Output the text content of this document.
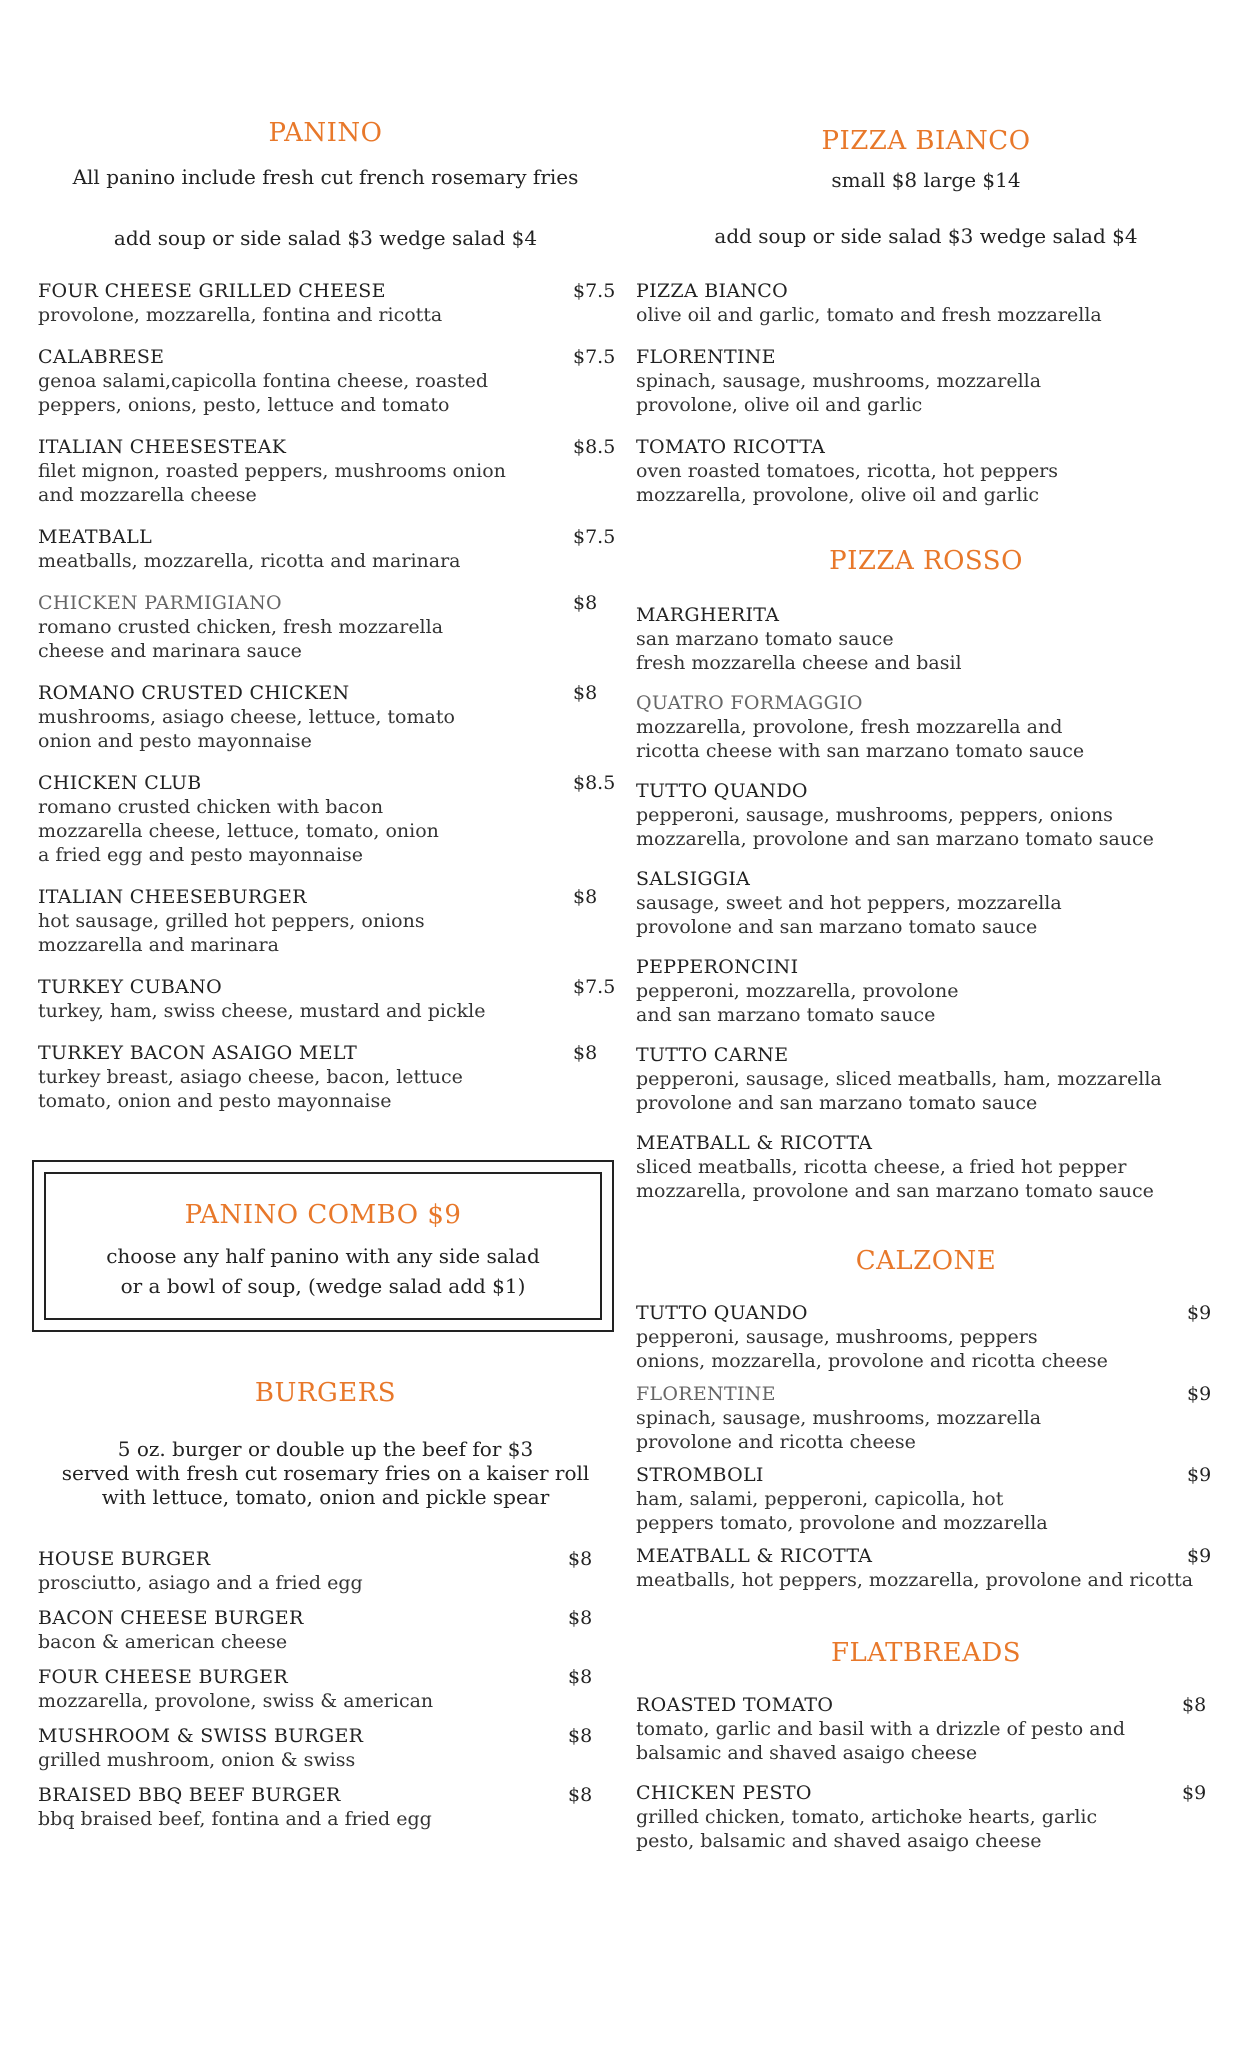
PANINO
All panino include fresh cut french rosemary fries
add soup or side salad $3 wedge salad $4
FOUR CHEESE GRILLED CHEESE	$7.5
provolone, mozzarella, fontina and ricotta
CALABRESE	$7.5
genoa salami,capicolla fontina cheese, roasted
peppers, onions, pesto, lettuce and tomato
ITALIAN CHEESESTEAK	$8.5
filet mignon, roasted peppers, mushrooms onion
and mozzarella cheese
MEATBALL	$7.5
meatballs, mozzarella, ricotta and marinara
CHICKEN PARMIGIANO	$8
romano crusted chicken, fresh mozzarella
cheese and marinara sauce
ROMANO CRUSTED CHICKEN	$8
mushrooms, asiago cheese, lettuce, tomato
onion and pesto mayonnaise
CHICKEN CLUB	$8.5
romano crusted chicken with bacon
mozzarella cheese, lettuce, tomato, onion
a fried egg and pesto mayonnaise
ITALIAN CHEESEBURGER	$8
hot sausage, grilled hot peppers, onions
mozzarella and marinara
TURKEY CUBANO	$7.5
turkey, ham, swiss cheese, mustard and pickle
TURKEY BACON ASAIGO MELT	$8
turkey breast, asiago cheese, bacon, lettuce
tomato, onion and pesto mayonnaise
PANINO COMBO $9
choose any half panino with any side salad
or a bowl of soup, (wedge salad add $1)
BURGERS
5 oz. burger or double up the beef for $3
served with fresh cut rosemary fries on a kaiser roll
with lettuce, tomato, onion and pickle spear
HOUSE BURGER	$8
prosciutto, asiago and a fried egg
BACON CHEESE BURGER	$8
bacon & american cheese
FOUR CHEESE BURGER	$8
mozzarella, provolone, swiss & american
MUSHROOM & SWISS BURGER	$8
grilled mushroom, onion & swiss
BRAISED BBQ BEEF BURGER	$8
bbq braised beef, fontina and a fried egg
PIZZA BIANCO
small $8 large $14
add soup or side salad $3 wedge salad $4
PIZZA BIANCO
olive oil and garlic, tomato and fresh mozzarella
FLORENTINE
spinach, sausage, mushrooms, mozzarella
provolone, olive oil and garlic
TOMATO RICOTTA
oven roasted tomatoes, ricotta, hot peppers
mozzarella, provolone, olive oil and garlic
PIZZA ROSSO
MARGHERITA
san marzano tomato sauce
fresh mozzarella cheese and basil
QUATRO FORMAGGIO
mozzarella, provolone, fresh mozzarella and
ricotta cheese with san marzano tomato sauce
TUTTO QUANDO
pepperoni, sausage, mushrooms, peppers, onions
mozzarella, provolone and san marzano tomato sauce
SALSIGGIA
sausage, sweet and hot peppers, mozzarella
provolone and san marzano tomato sauce
PEPPERONCINI
pepperoni, mozzarella, provolone
and san marzano tomato sauce
TUTTO CARNE
pepperoni, sausage, sliced meatballs, ham, mozzarella
provolone and san marzano tomato sauce
MEATBALL & RICOTTA
sliced meatballs, ricotta cheese, a fried hot pepper
mozzarella, provolone and san marzano tomato sauce
CALZONE
TUTTO QUANDO	$9
pepperoni, sausage, mushrooms, peppers
onions, mozzarella, provolone and ricotta cheese
FLORENTINE	$9
spinach, sausage, mushrooms, mozzarella
provolone and ricotta cheese
STROMBOLI	$9
ham, salami, pepperoni, capicolla, hot
peppers tomato, provolone and mozzarella
MEATBALL & RICOTTA	$9
meatballs, hot peppers, mozzarella, provolone and ricotta
FLATBREADS
ROASTED TOMATO	$8
tomato, garlic and basil with a drizzle of pesto and
balsamic and shaved asaigo cheese
CHICKEN PESTO	$9
grilled chicken, tomato, artichoke hearts, garlic
pesto, balsamic and shaved asaigo cheese
